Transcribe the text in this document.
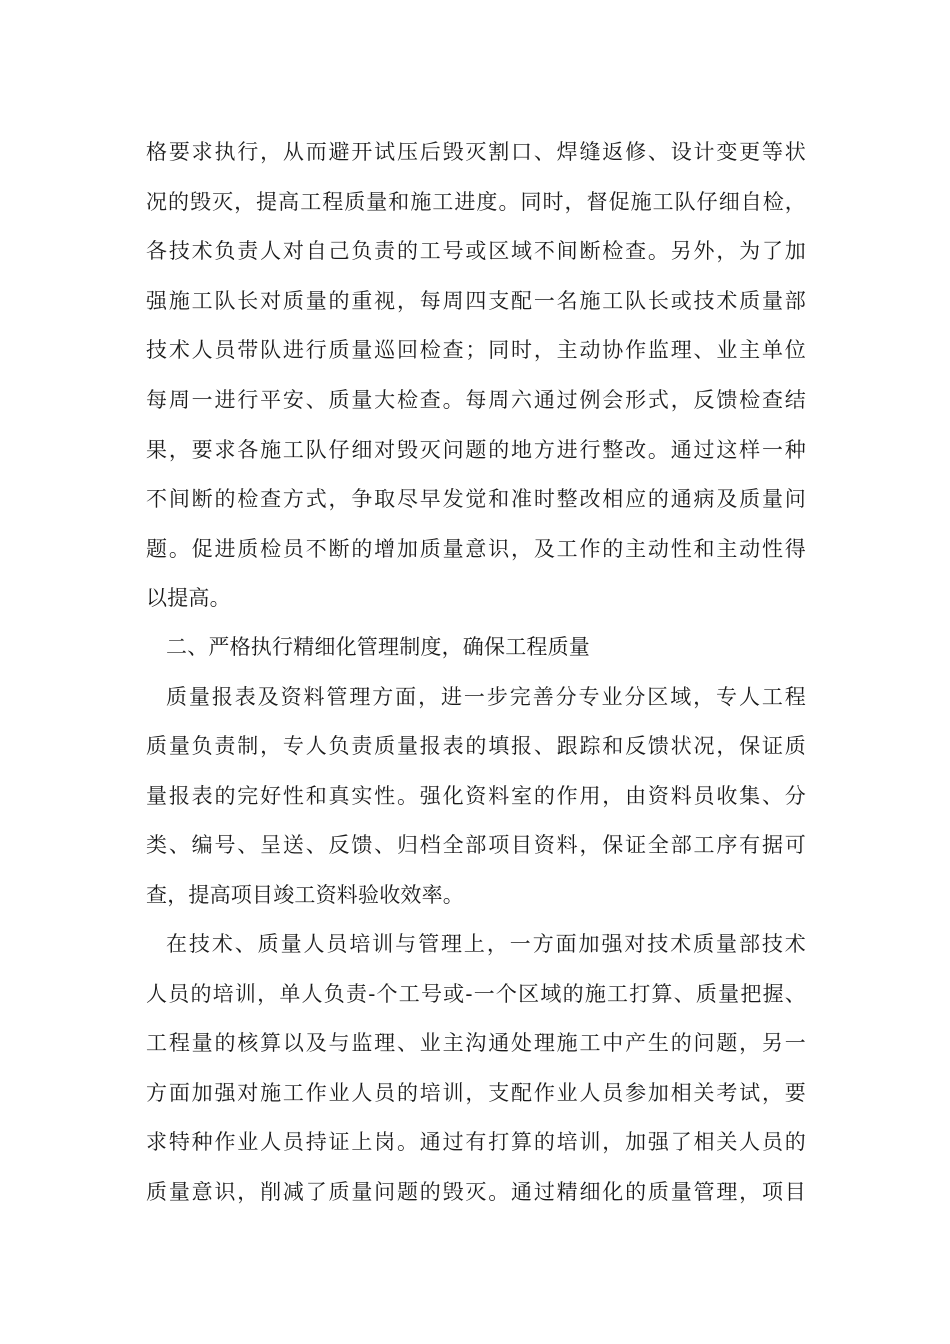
格要求执行，从而避开试压后毁灭割口、焊缝返修、设计变更等状
况的毁灭，提高工程质量和施工进度。同时，督促施工队仔细自检，
各技术负责人对自己负责的工号或区域不间断检查。另外，为了加
强施工队长对质量的重视，每周四支配一名施工队长或技术质量部
技术人员带队进行质量巡回检查；同时，主动协作监理、业主单位
每周一进行平安、质量大检查。每周六通过例会形式，反馈检查结
果，要求各施工队仔细对毁灭问题的地方进行整改。通过这样一种
不间断的检查方式，争取尽早发觉和准时整改相应的通病及质量问
题。促进质检员不断的增加质量意识，及工作的主动性和主动性得
以提高。
二、严格执行精细化管理制度，确保工程质量
质量报表及资料管理方面，进一步完善分专业分区域，专人工程
质量负责制，专人负责质量报表的填报、跟踪和反馈状况，保证质
量报表的完好性和真实性。强化资料室的作用，由资料员收集、分
类、编号、呈送、反馈、归档全部项目资料，保证全部工序有据可
查，提高项目竣工资料验收效率。
在技术、质量人员培训与管理上，一方面加强对技术质量部技术
人员的培训，单人负责-个工号或-一个区域的施工打算、质量把握、
工程量的核算以及与监理、业主沟通处理施工中产生的问题，另一
方面加强对施工作业人员的培训，支配作业人员参加相关考试，要
求特种作业人员持证上岗。通过有打算的培训，加强了相关人员的
质量意识，削减了质量问题的毁灭。通过精细化的质量管理，项目
